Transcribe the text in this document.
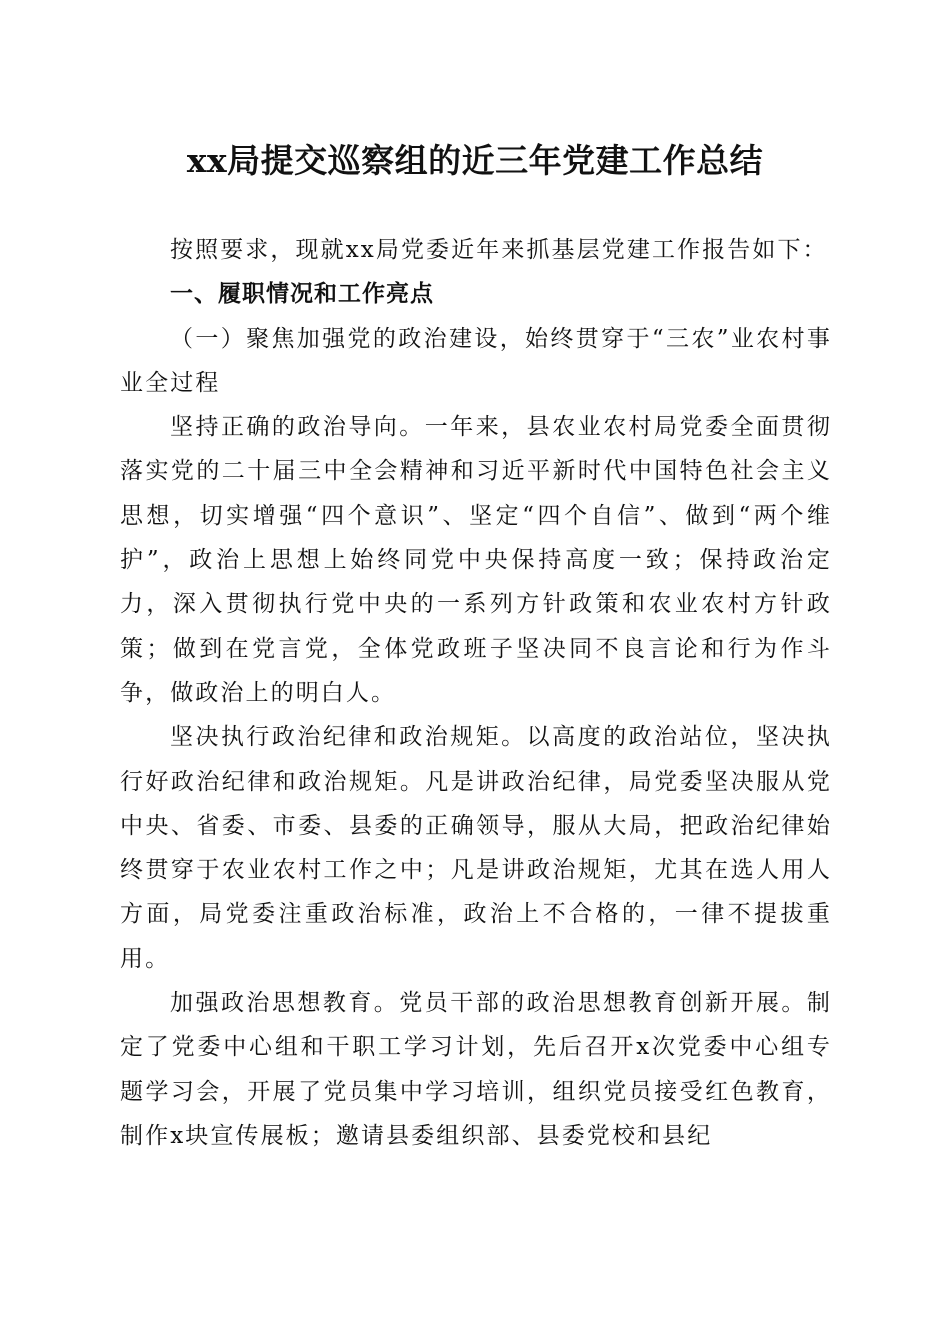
xx局提交巡察组的近三年党建工作总结

按照要求，现就xx局党委近年来抓基层党建工作报告如下：

一、履职情况和工作亮点

（一）聚焦加强党的政治建设，始终贯穿于“三农”业农村事业全过程

坚持正确的政治导向。一年来，县农业农村局党委全面贯彻落实党的二十届三中全会精神和习近平新时代中国特色社会主义思想，切实增强“四个意识”、坚定“四个自信”、做到“两个维护”，政治上思想上始终同党中央保持高度一致；保持政治定力，深入贯彻执行党中央的一系列方针政策和农业农村方针政策；做到在党言党，全体党政班子坚决同不良言论和行为作斗争，做政治上的明白人。

坚决执行政治纪律和政治规矩。以高度的政治站位，坚决执行好政治纪律和政治规矩。凡是讲政治纪律，局党委坚决服从党中央、省委、市委、县委的正确领导，服从大局，把政治纪律始终贯穿于农业农村工作之中；凡是讲政治规矩，尤其在选人用人方面，局党委注重政治标准，政治上不合格的，一律不提拔重用。

加强政治思想教育。党员干部的政治思想教育创新开展。制定了党委中心组和干职工学习计划，先后召开x次党委中心组专题学习会，开展了党员集中学习培训，组织党员接受红色教育，制作x块宣传展板；邀请县委组织部、县委党校和县纪
